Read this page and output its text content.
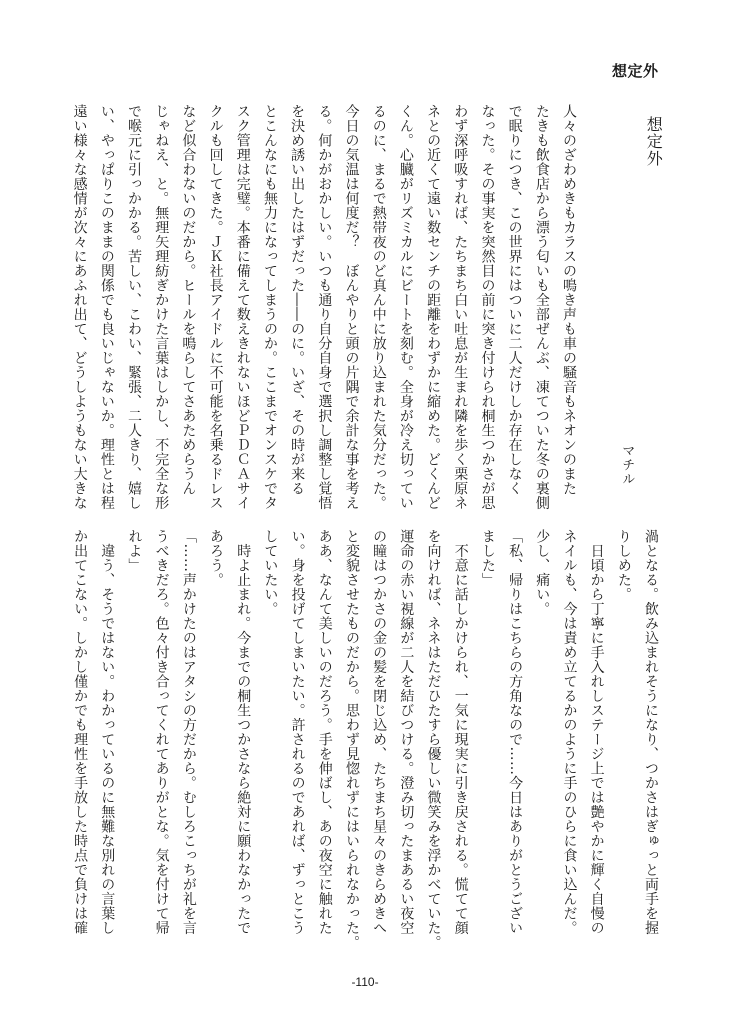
想定外
想定外
マチル
人々のざわめきもカラスの鳴き声も車の騒音もネオンのまた
たきも飲食店から漂う匂いも全部ぜんぶ、凍てついた冬の裏側
で眠りにつき、この世界にはついに二人だけしか存在しなく
なった。その事実を突然目の前に突き付けられ桐生つかさが思
わず深呼吸すれば、たちまち白い吐息が生まれ隣を歩く栗原ネ
ネとの近くて遠い数センチの距離をわずかに縮めた。どくんど
くん。心臓がリズミカルにビートを刻む。全身が冷え切ってい
るのに、まるで熱帯夜のど真ん中に放り込まれた気分だった。
今日の気温は何度だ？　ぼんやりと頭の片隅で余計な事を考え
る。何かがおかしい。いつも通り自分自身で選択し調整し覚悟
を決め誘い出したはずだった――のに。いざ、その時が来る
とこんなにも無力になってしまうのか。ここまでオンスケでタ
スク管理は完璧。本番に備えて数えきれないほどＰＤＣＡサイ
クルも回してきた。ＪＫ社長アイドルに不可能を名乗るドレス
など似合わないのだから。ヒールを鳴らしてさあためらうん
じゃねえ、と。無理矢理紡ぎかけた言葉はしかし、不完全な形
で喉元に引っかかる。苦しい、こわい、緊張、二人きり、嬉し
い、やっぱりこのままの関係でも良いじゃないか。理性とは程
遠い様々な感情が次々にあふれ出て、どうしようもない大きな
渦となる。飲み込まれそうになり、つかさはぎゅっと両手を握
りしめた。
　日頃から丁寧に手入れしステージ上では艶やかに輝く自慢の
ネイルも、今は責め立てるかのように手のひらに食い込んだ。
少し、痛い。
「私、帰りはこちらの方角なので……今日はありがとうござい
ました」
　不意に話しかけられ、一気に現実に引き戻される。慌てて顔
を向ければ、ネネはただひたすら優しい微笑みを浮かべていた。
運命の赤い視線が二人を結びつける。澄み切ったまあるい夜空
の瞳はつかさの金の髪を閉じ込め、たちまち星々のきらめきへ
と変貌させたものだから。思わず見惚れずにはいられなかった。
ああ、なんて美しいのだろう。手を伸ばし、あの夜空に触れた
い。身を投げてしまいたい。許されるのであれば、ずっとこう
していたい。
　時よ止まれ。今までの桐生つかさなら絶対に願わなかったで
あろう。
「……声かけたのはアタシの方だから。むしろこっちが礼を言
うべきだろ。色々付き合ってくれてありがとな。気を付けて帰
れよ」
　違う、そうではない。わかっているのに無難な別れの言葉し
か出てこない。しかし僅かでも理性を手放した時点で負けは確
-110-
